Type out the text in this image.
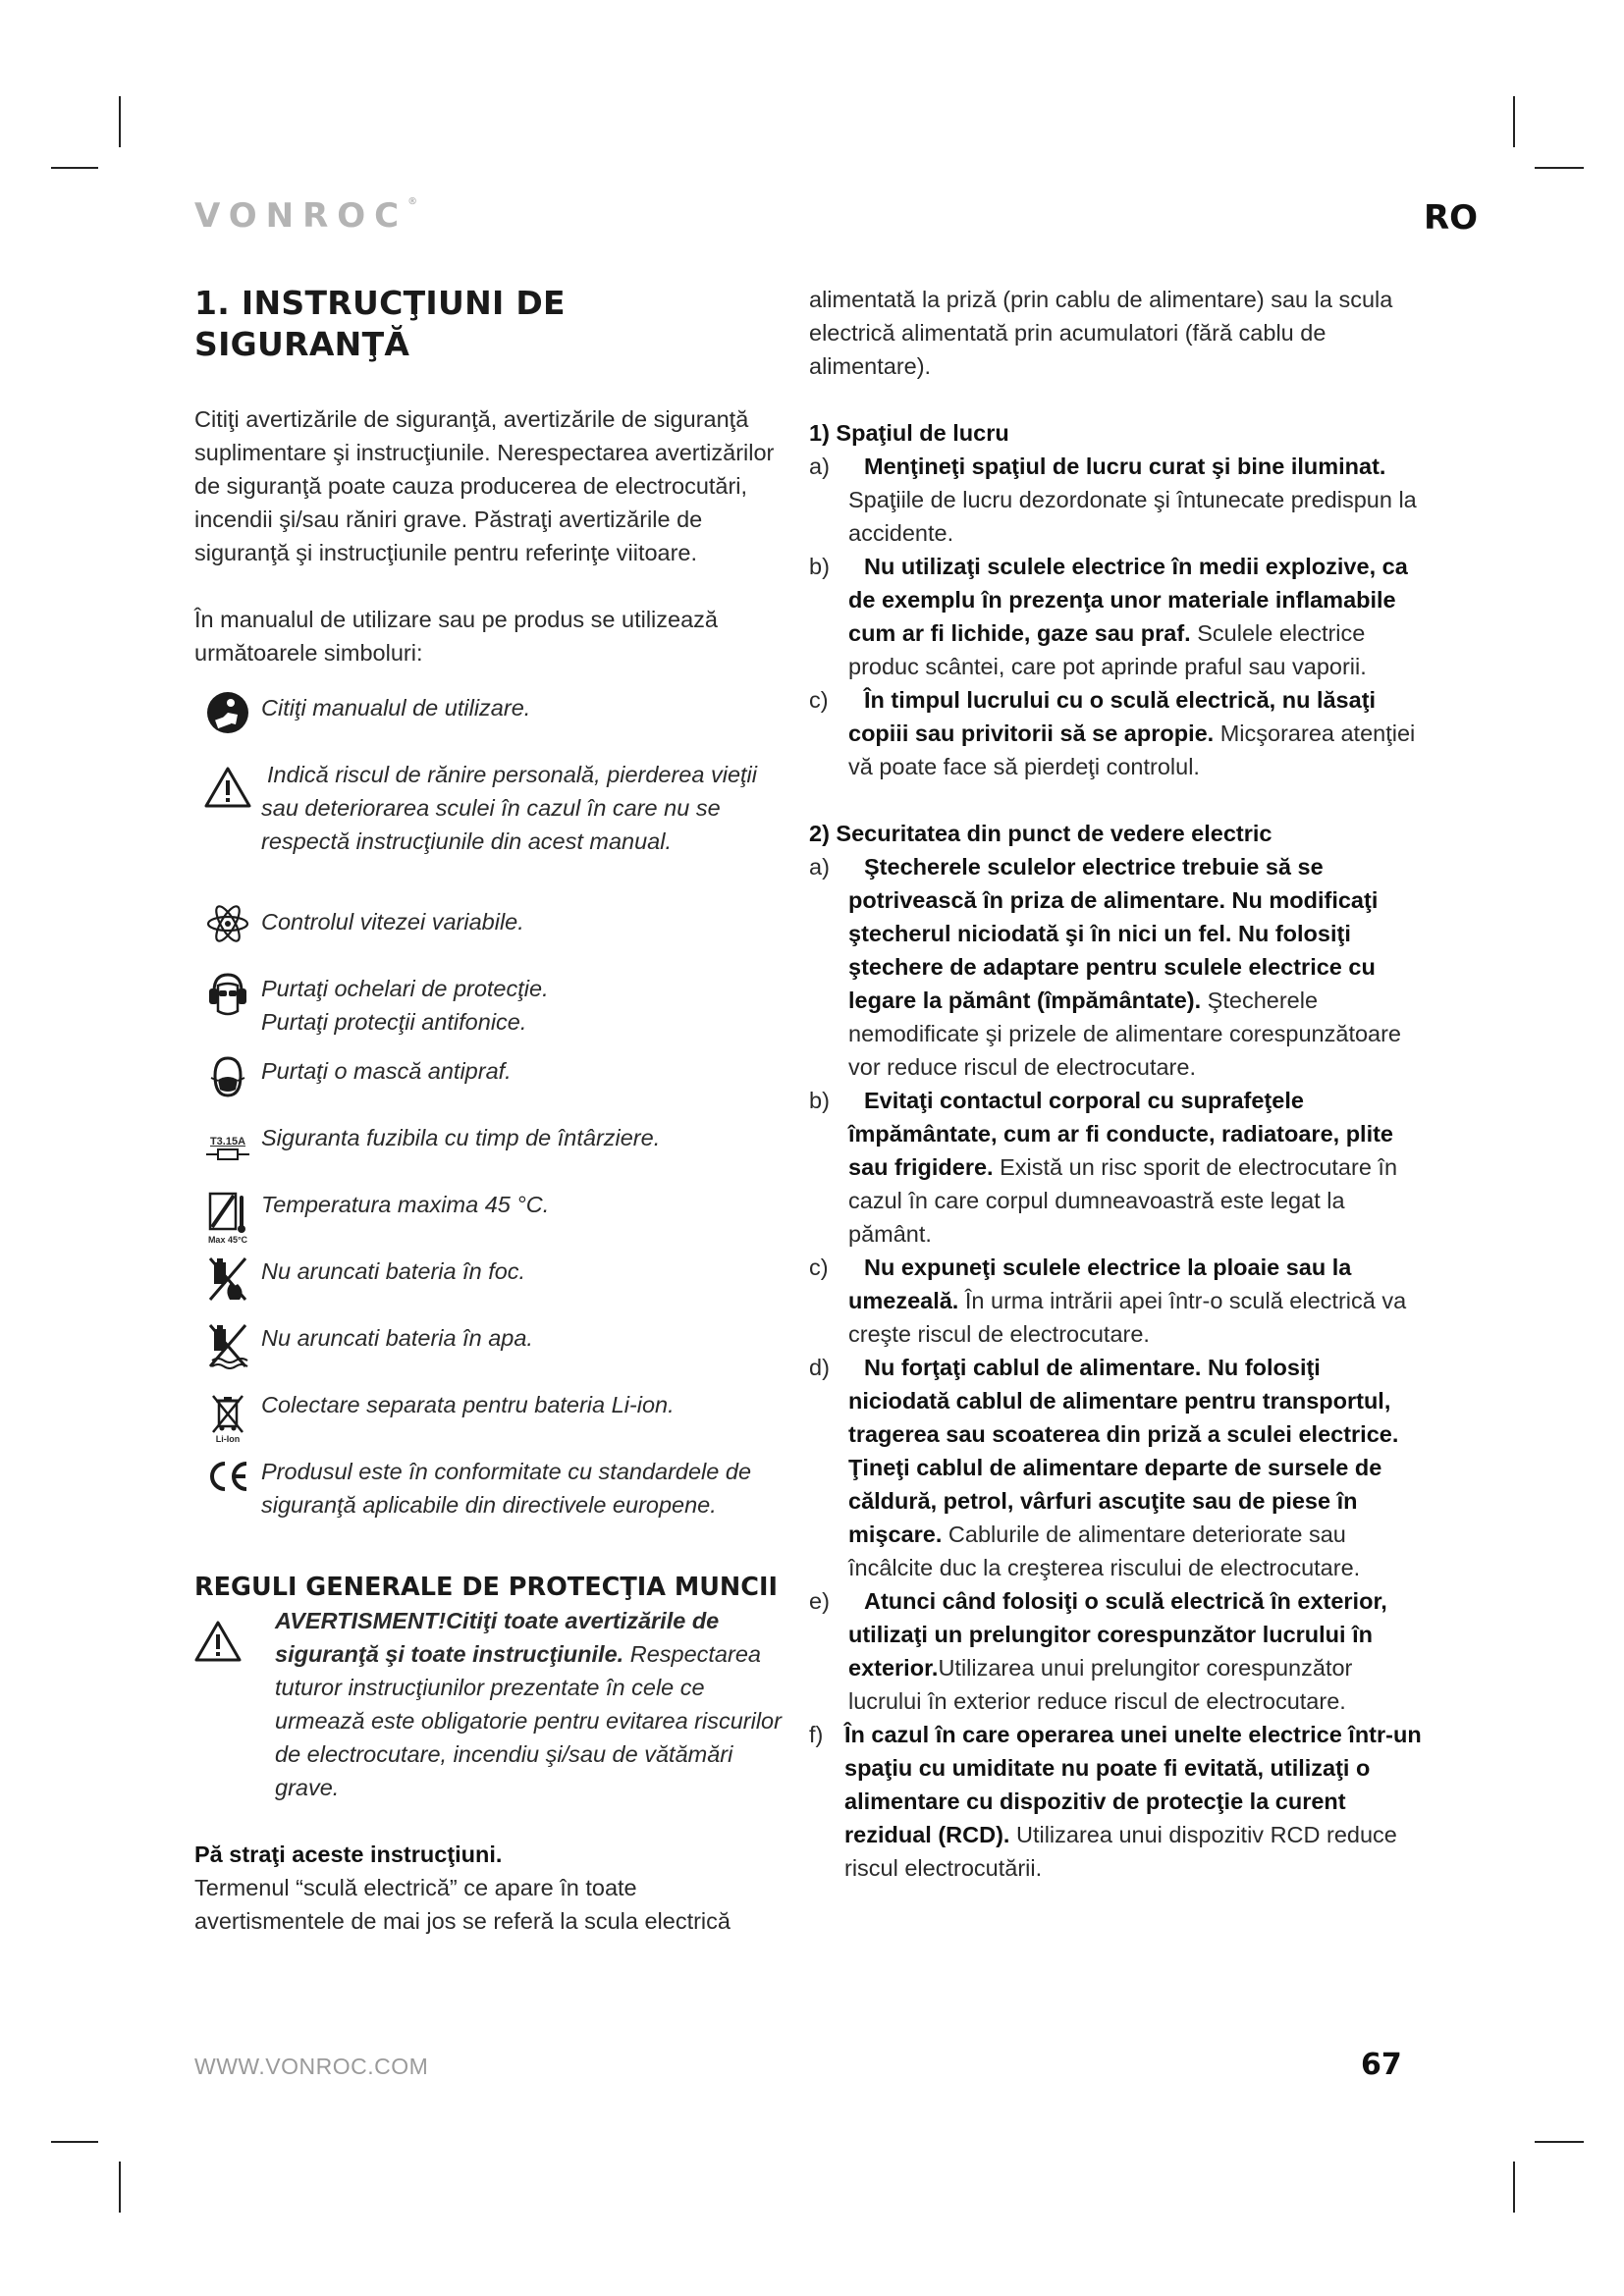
VONROC®	RO
1. INSTRUCŢIUNI DE SIGURANŢĂ

Citiţi avertizările de siguranţă, avertizările de siguranţă suplimentare şi instrucţiunile. Nerespectarea avertizărilor de siguranţă poate cauza producerea de electrocutări, incendii şi/sau răniri grave. Păstraţi avertizările de siguranţă şi instrucţiunile pentru referinţe viitoare.

În manualul de utilizare sau pe produs se utilizează următoarele simboluri:

Citiţi manualul de utilizare.
Indică riscul de rănire personală, pierderea vieţii sau deteriorarea sculei în cazul în care nu se respectă instrucţiunile din acest manual.
Controlul vitezei variabile.
Purtaţi ochelari de protecţie.
Purtaţi protecţii antifonice.
Purtaţi o mască antipraf.
T3.15A Siguranta fuzibila cu timp de întârziere.
Max 45°C
Temperatura maxima 45 °C.
Nu aruncati bateria în foc.
Nu aruncati bateria în apa.
Li-Ion
Colectare separata pentru bateria Li-ion.
Produsul este în conformitate cu standardele de siguranţă aplicabile din directivele europene.
REGULI GENERALE DE PROTECŢIA MUNCII
AVERTISMENT!Citiţi toate avertizările de siguranţă şi toate instrucţiunile. Respectarea tuturor instrucţiunilor prezentate în cele ce urmează este obligatorie pentru evitarea riscurilor de electrocutare, incendiu şi/sau de vătămări grave.

Pă straţi aceste instrucţiuni.

Termenul “sculă electrică” ce apare în toate avertismentele de mai jos se referă la scula electrică

alimentată la priză (prin cablu de alimentare) sau la scula electrică alimentată prin acumulatori (fără cablu de alimentare).

1) Spaţiul de lucru

a)	Menţineţi spaţiul de lucru curat şi bine iluminat. Spaţiile de lucru dezordonate şi întunecate predispun la accidente.
b)	Nu utilizaţi sculele electrice în medii explozive, ca de exemplu în prezenţa unor materiale inflamabile cum ar fi lichide, gaze sau praf. Sculele electrice produc scântei, care pot aprinde praful sau vaporii.
c)	În timpul lucrului cu o sculă electrică, nu lăsaţi copiii sau privitorii să se apropie. Micşorarea atenţiei vă poate face să pierdeţi controlul.

2) Securitatea din punct de vedere electric

a)	Ştecherele sculelor electrice trebuie să se potrivească în priza de alimentare. Nu modificaţi ştecherul niciodată şi în nici un fel. Nu folosiţi ştechere de adaptare pentru sculele electrice cu legare la pământ (împământate). Ştecherele nemodificate şi prizele de alimentare corespunzătoare vor reduce riscul de electrocutare.
b)	Evitaţi contactul corporal cu suprafeţele împământate, cum ar fi conducte, radiatoare, plite sau frigidere. Există un risc sporit de electrocutare în cazul în care corpul dumneavoastră este legat la pământ.
c)	Nu expuneţi sculele electrice la ploaie sau la umezeală. În urma intrării apei într-o sculă electrică va creşte riscul de electrocutare.
d)	Nu forţaţi cablul de alimentare. Nu folosiţi niciodată cablul de alimentare pentru transportul, tragerea sau scoaterea din priză a sculei electrice. Ţineţi cablul de alimentare departe de sursele de căldură, petrol, vârfuri ascuţite sau de piese în mişcare. Cablurile de alimentare deteriorate sau încâlcite duc la creşterea riscului de electrocutare.
e)	Atunci când folosiţi o sculă electrică în exterior, utilizaţi un prelungitor corespunzător lucrului în exterior.Utilizarea unui prelungitor corespunzător lucrului în exterior reduce riscul de electrocutare.
f) În cazul în care operarea unei unelte electrice într-un spaţiu cu umiditate nu poate fi evitată, utilizaţi o alimentare cu dispozitiv de protecţie la curent rezidual (RCD). Utilizarea unui dispozitiv RCD reduce riscul electrocutării.
WWW.VONROC.COM	67
